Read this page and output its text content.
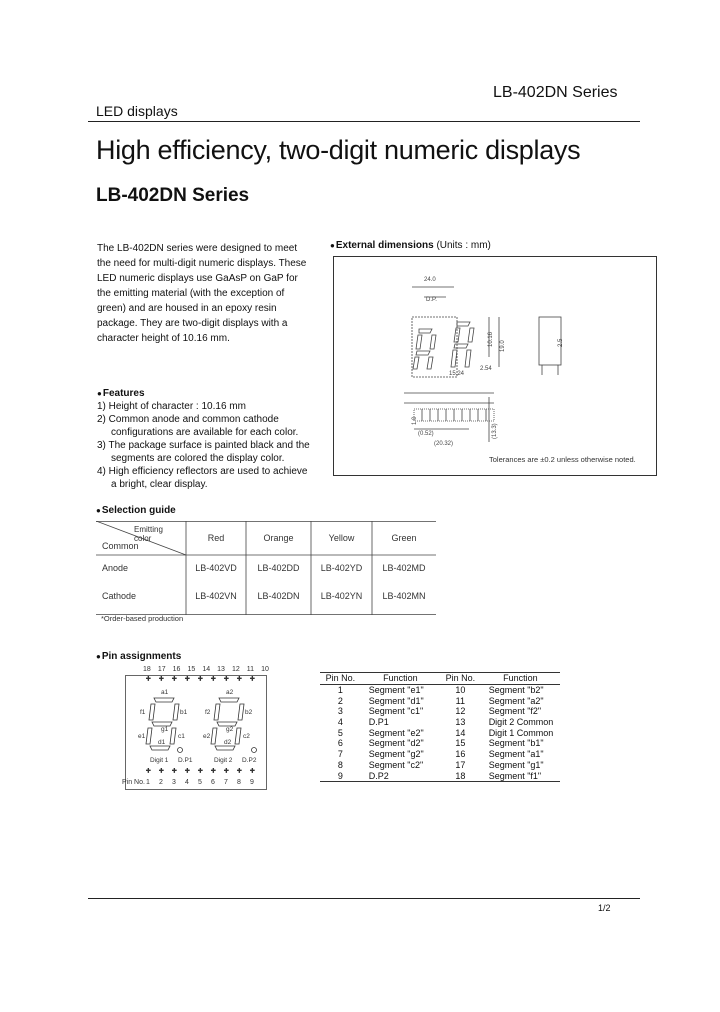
LB-402DN Series
LED displays
High efficiency, two-digit numeric displays
LB-402DN Series
The LB-402DN series were designed to meet the need for multi-digit numeric displays. These LED numeric displays use GaAsP on GaP for the emitting material (with the exception of green) and are housed in an epoxy resin package. They are two-digit displays with a character height of 10.16 mm.
● Features
1) Height of character : 10.16 mm
2) Common anode and common cathode configurations are available for each color.
3) The package surface is painted black and the segments are colored the display color.
4) High efficiency reflectors are used to achieve a bright, clear display.
● External dimensions (Units : mm)
24.0
D.P.
15.24
10.16 19.0
2.54
(0.52)
1.0
(20.32)
(13.3)
2.5
Tolerances are ±0.2 unless otherwise noted.
● Selection guide
Emitting color
Common
Red	Orange	Yellow	Green
Anode	LB-402VD	LB-402DD	LB-402YD	LB-402MD
Cathode	LB-402VN	LB-402DN	LB-402YN	LB-402MN
*Order-based production
● Pin assignments
18 17 16 15 14 13 12 11 10
+ + + + + + + + +
+ + + + + + + + +
a1
b1
e1
f1
g1
c1
d1
a2
b2
e2
f2
g2
c2
d2
Digit 1 D.P1	Digit 2 D.P2
Pin No. 1	2	3	4	5	6	7	8	9
Pin No.	Function	Pin No.	Function
1	Segment "e1"	10	Segment "b2"
2	Segment "d1"	11	Segment "a2"
3	Segment "c1"	12	Segment "f2"
4	D.P1	13	Digit 2 Common
5	Segment "e2"	14	Digit 1 Common
6	Segment "d2"	15	Segment "b1"
7	Segment "g2"	16	Segment "a1"
8	Segment "c2"	17	Segment "g1"
9	D.P2	18	Segment "f1"
1/2
